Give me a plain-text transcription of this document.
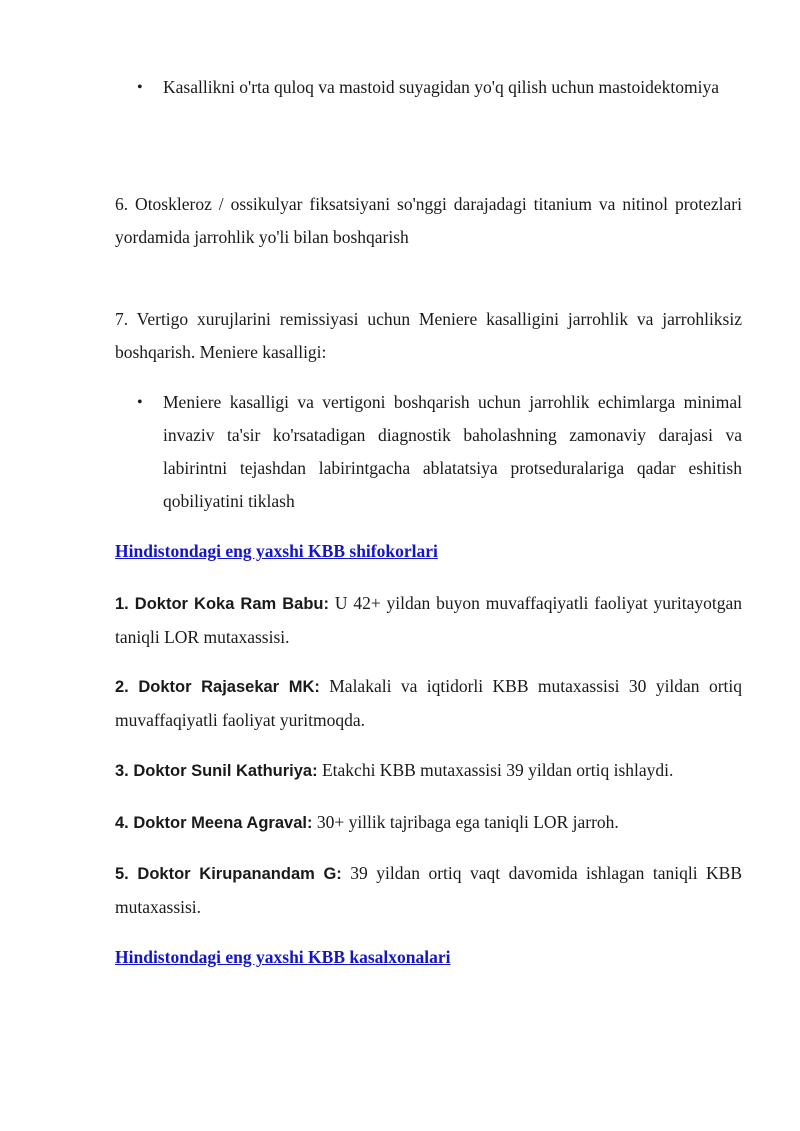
• Kasallikni o'rta quloq va mastoid suyagidan yo'q qilish uchun mastoidektomiya

6. Otoskleroz / ossikulyar fiksatsiyani so'nggi darajadagi titanium va nitinol protezlari yordamida jarrohlik yo'li bilan boshqarish

7. Vertigo xurujlarini remissiyasi uchun Meniere kasalligini jarrohlik va jarrohliksiz boshqarish. Meniere kasalligi:

• Meniere kasalligi va vertigoni boshqarish uchun jarrohlik echimlarga minimal invaziv ta'sir ko'rsatadigan diagnostik baholashning zamonaviy darajasi va labirintni tejashdan labirintgacha ablatatsiya protseduralariga qadar eshitish qobiliyatini tiklash

Hindistondagi eng yaxshi KBB shifokorlari

1. Doktor Koka Ram Babu: U 42+ yildan buyon muvaffaqiyatli faoliyat yuritayotgan taniqli LOR mutaxassisi.

2. Doktor Rajasekar MK: Malakali va iqtidorli KBB mutaxassisi 30 yildan ortiq muvaffaqiyatli faoliyat yuritmoqda.

3. Doktor Sunil Kathuriya: Etakchi KBB mutaxassisi 39 yildan ortiq ishlaydi.

4. Doktor Meena Agraval: 30+ yillik tajribaga ega taniqli LOR jarroh.

5. Doktor Kirupanandam G: 39 yildan ortiq vaqt davomida ishlagan taniqli KBB mutaxassisi.

Hindistondagi eng yaxshi KBB kasalxonalari
